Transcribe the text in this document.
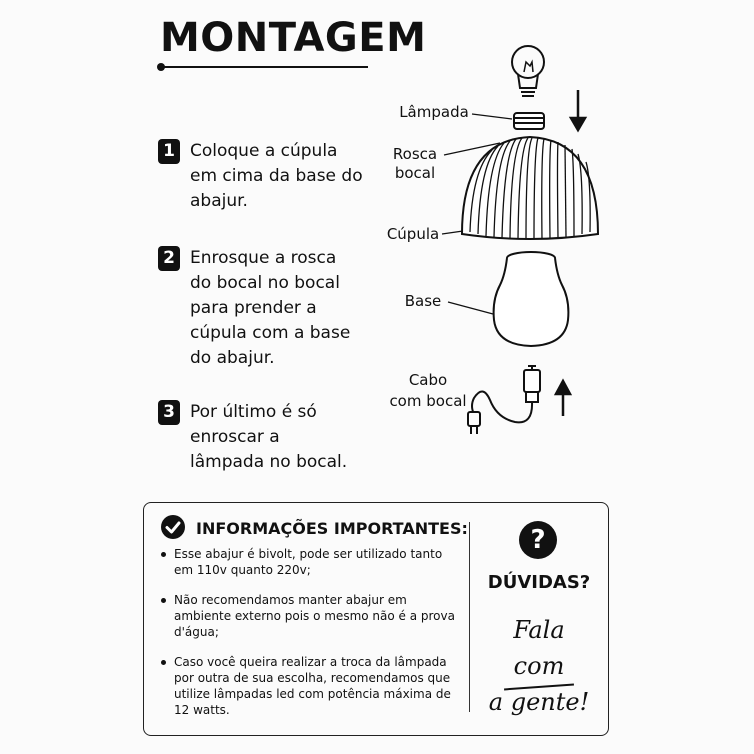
MONTAGEM
1 Coloque a cúpula em cima da base do abajur.
2 Enrosque a rosca do bocal no bocal para prender a cúpula com a base do abajur.
3 Por último é só enroscar a lâmpada no bocal.
Lâmpada
Rosca
bocal
Cúpula
Base
Cabo
com bocal
INFORMAÇÕES IMPORTANTES:
Esse abajur é bivolt, pode ser utilizado tanto em 110v quanto 220v;
Não recomendamos manter abajur em ambiente externo pois o mesmo não é a prova d'água;
Caso você queira realizar a troca da lâmpada por outra de sua escolha, recomendamos que utilize lâmpadas led com potência máxima de 12 watts.
?
DÚVIDAS?
Fala com
a gente!
